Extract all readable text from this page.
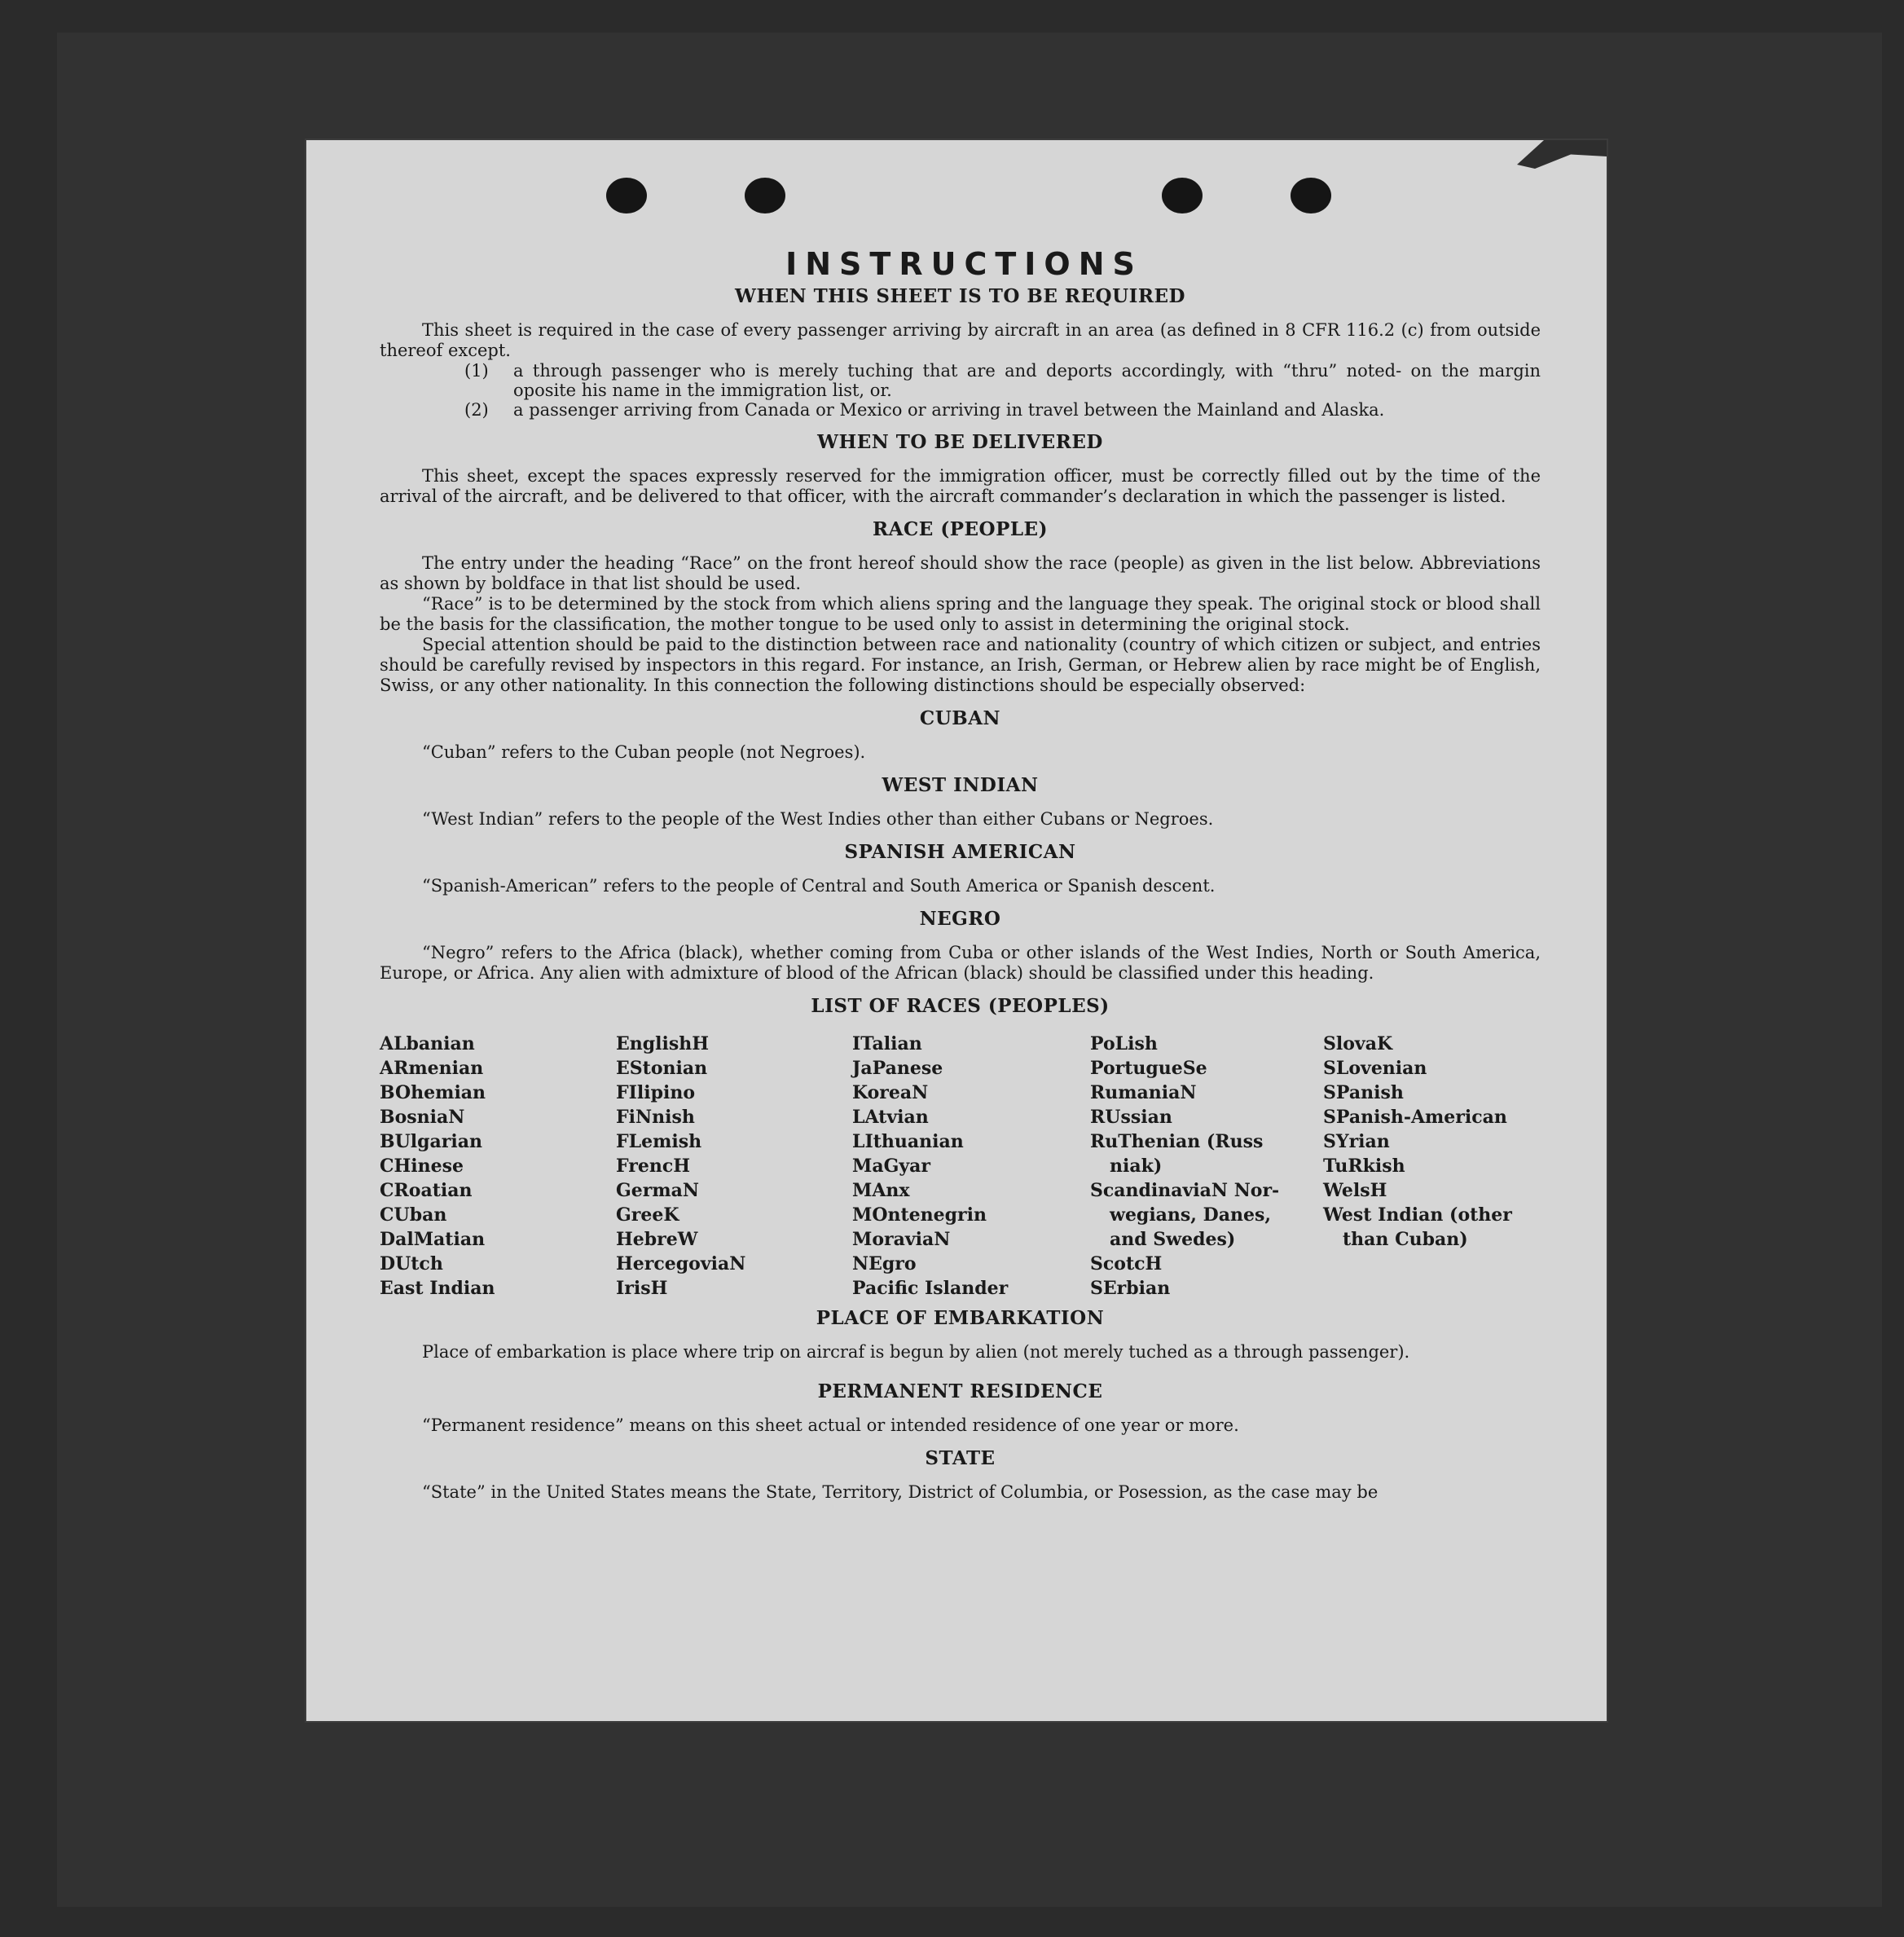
INSTRUCTIONS
WHEN THIS SHEET IS TO BE REQUIRED

This sheet is required in the case of every passenger arriving by aircraft in an area (as defined in 8 CFR 116.2 (c) from outside thereof except.

(1)	a through passenger who is merely tuching that are and deports accordingly, with “thru” noted- on the margin oposite his name in the immigration list, or.
(2)	a passenger arriving from Canada or Mexico or arriving in travel between the Mainland and Alaska.
WHEN TO BE DELIVERED

This sheet, except the spaces expressly reserved for the immigration officer, must be correctly filled out by the time of the arrival of the aircraft, and be delivered to that officer, with the aircraft commander’s declaration in which the passenger is listed.

RACE (PEOPLE)

The entry under the heading “Race” on the front hereof should show the race (people) as given in the list below. Abbreviations as shown by boldface in that list should be used.

“Race” is to be determined by the stock from which aliens spring and the language they speak. The original stock or blood shall be the basis for the classification, the mother tongue to be used only to assist in determining the original stock.

Special attention should be paid to the distinction between race and nationality (country of which citizen or subject, and entries should be carefully revised by inspectors in this regard. For instance, an Irish, German, or Hebrew alien by race might be of English, Swiss, or any other nationality. In this connection the following distinctions should be especially observed:

CUBAN

“Cuban” refers to the Cuban people (not Negroes).

WEST INDIAN

“West Indian” refers to the people of the West Indies other than either Cubans or Negroes.

SPANISH AMERICAN

“Spanish-American” refers to the people of Central and South America or Spanish descent.

NEGRO

“Negro” refers to the Africa (black), whether coming from Cuba or other islands of the West Indies, North or South America, Europe, or Africa. Any alien with admixture of blood of the African (black) should be classified under this heading.

LIST OF RACES (PEOPLES)
ALbanian
ARmenian
BOhemian
BosniaN
BUlgarian
CHinese
CRoatian
CUban
DalMatian
DUtch
East Indian
EnglishH
EStonian
FIlipino
FiNnish
FLemish
FrencH
GermaN
GreeK
HebreW
HercegoviaN
IrisH
ITalian
JaPanese
KoreaN
LAtvian
LIthuanian
MaGyar
MAnx
MOntenegrin
MoraviaN
NEgro
Pacific Islander
PoLish
PortugueSe
RumaniaN
RUssian
RuThenian (Russ
niak)
ScandinaviaN Nor-
wegians, Danes,
and Swedes)
ScotcH
SErbian
SlovaK
SLovenian
SPanish
SPanish-American
SYrian
TuRkish
WelsH
West Indian (other
than Cuban)
PLACE OF EMBARKATION

Place of embarkation is place where trip on aircraf is begun by alien (not merely tuched as a through passenger).

PERMANENT RESIDENCE

“Permanent residence” means on this sheet actual or intended residence of one year or more.

STATE

“State” in the United States means the State, Territory, District of Columbia, or Posession, as the case may be
